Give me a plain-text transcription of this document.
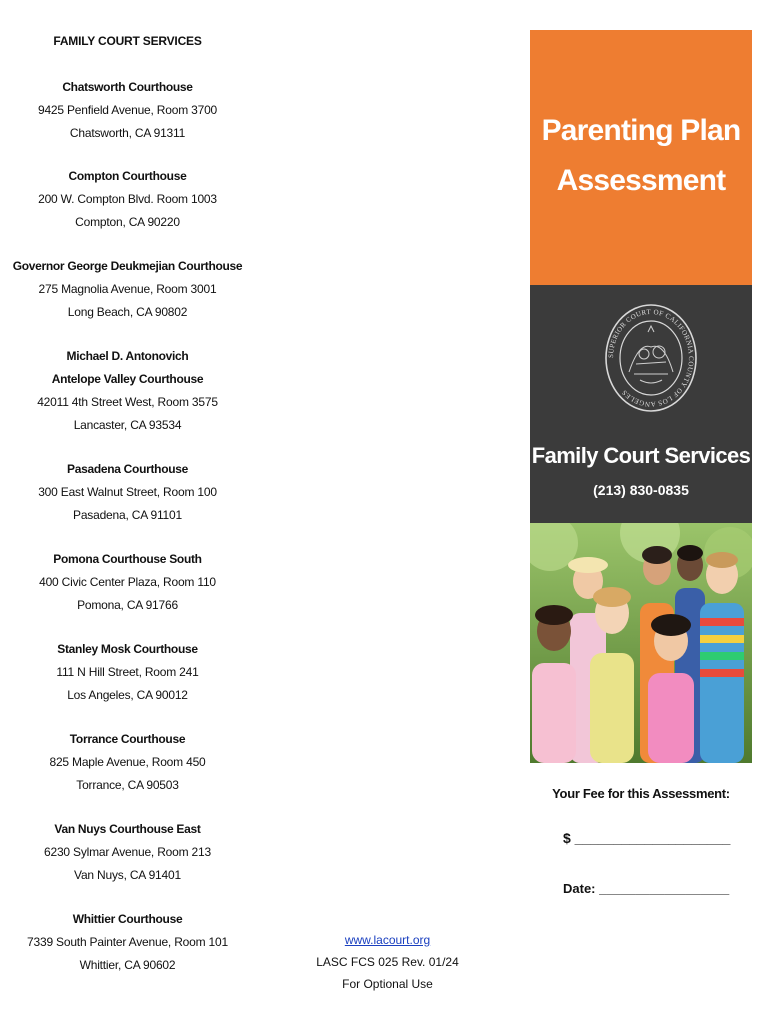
FAMILY COURT SERVICES
Chatsworth Courthouse
9425 Penfield Avenue, Room 3700
Chatsworth, CA 91311
Compton Courthouse
200 W. Compton Blvd. Room 1003
Compton, CA 90220
Governor George Deukmejian Courthouse
275 Magnolia Avenue, Room 3001
Long Beach, CA 90802
Michael D. Antonovich
Antelope Valley Courthouse
42011 4th Street West, Room 3575
Lancaster, CA 93534
Pasadena Courthouse
300 East Walnut Street, Room 100
Pasadena, CA 91101
Pomona Courthouse South
400 Civic Center Plaza, Room 110
Pomona, CA 91766
Stanley Mosk Courthouse
111 N Hill Street, Room 241
Los Angeles, CA 90012
Torrance Courthouse
825 Maple Avenue, Room 450
Torrance, CA 90503
Van Nuys Courthouse East
6230 Sylmar Avenue, Room 213
Van Nuys, CA 91401
Whittier Courthouse
7339 South Painter Avenue, Room 101
Whittier, CA 90602
www.lacourt.org
LASC FCS 025 Rev. 01/24
For Optional Use
Parenting Plan
Assessment
SUPERIOR COURT OF CALIFORNIA COUNTY OF LOS ANGELES
Family Court Services
(213) 830-0835
Your Fee for this Assessment:
$ ____________________
Date: __________________
